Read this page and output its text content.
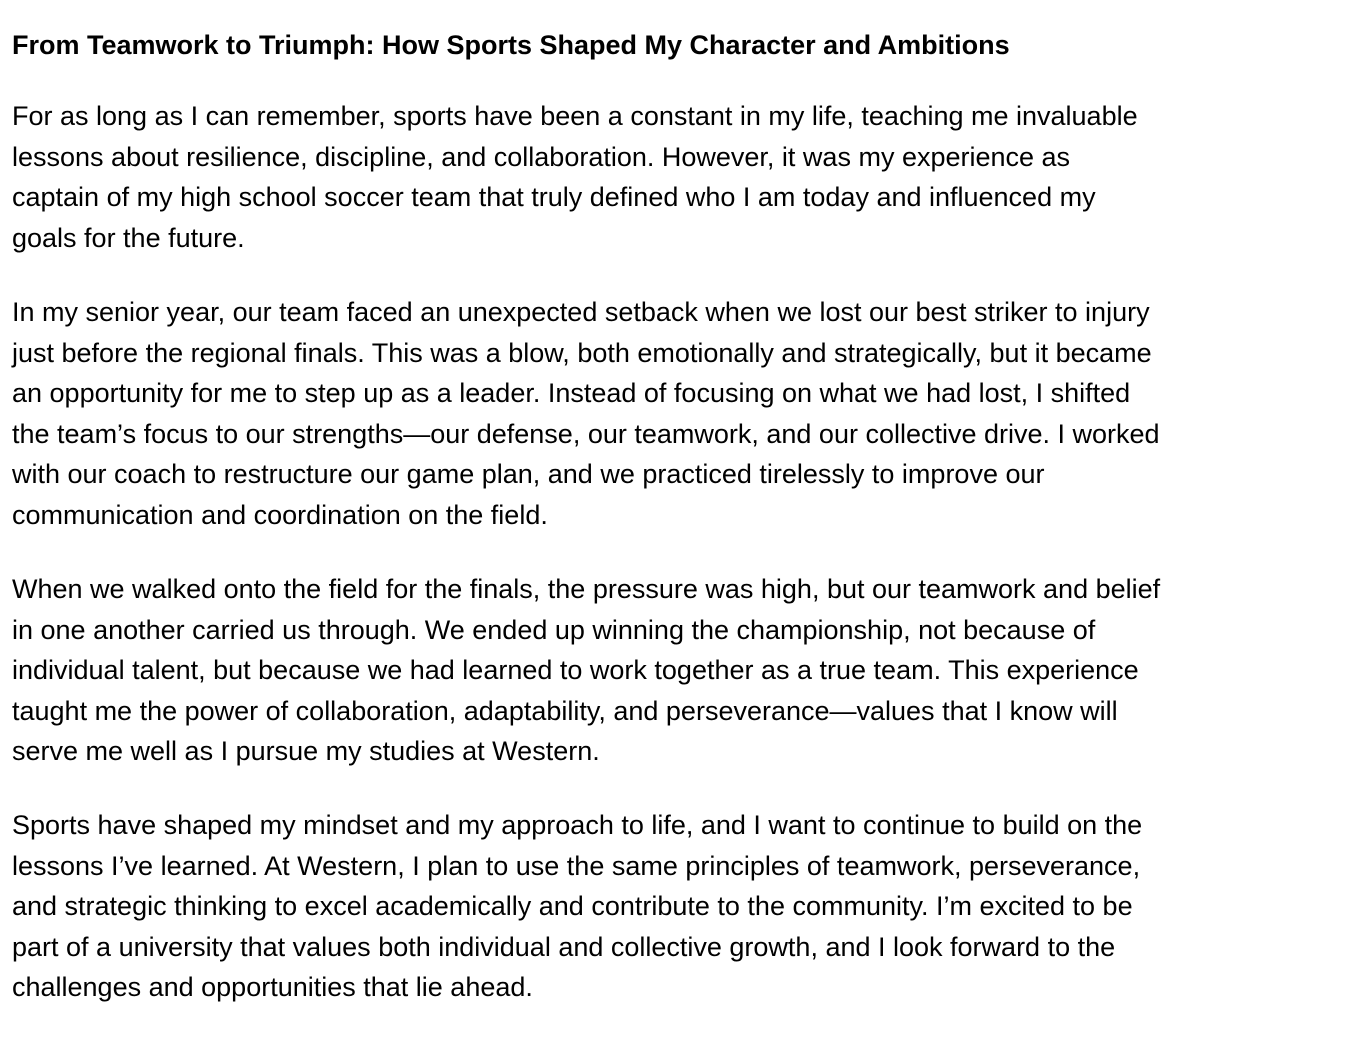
From Teamwork to Triumph: How Sports Shaped My Character and Ambitions

For as long as I can remember, sports have been a constant in my life, teaching me invaluable
lessons about resilience, discipline, and collaboration. However, it was my experience as
captain of my high school soccer team that truly defined who I am today and influenced my
goals for the future.

In my senior year, our team faced an unexpected setback when we lost our best striker to injury
just before the regional finals. This was a blow, both emotionally and strategically, but it became
an opportunity for me to step up as a leader. Instead of focusing on what we had lost, I shifted
the team’s focus to our strengths—our defense, our teamwork, and our collective drive. I worked
with our coach to restructure our game plan, and we practiced tirelessly to improve our
communication and coordination on the field.

When we walked onto the field for the finals, the pressure was high, but our teamwork and belief
in one another carried us through. We ended up winning the championship, not because of
individual talent, but because we had learned to work together as a true team. This experience
taught me the power of collaboration, adaptability, and perseverance—values that I know will
serve me well as I pursue my studies at Western.

Sports have shaped my mindset and my approach to life, and I want to continue to build on the
lessons I’ve learned. At Western, I plan to use the same principles of teamwork, perseverance,
and strategic thinking to excel academically and contribute to the community. I’m excited to be
part of a university that values both individual and collective growth, and I look forward to the
challenges and opportunities that lie ahead.
